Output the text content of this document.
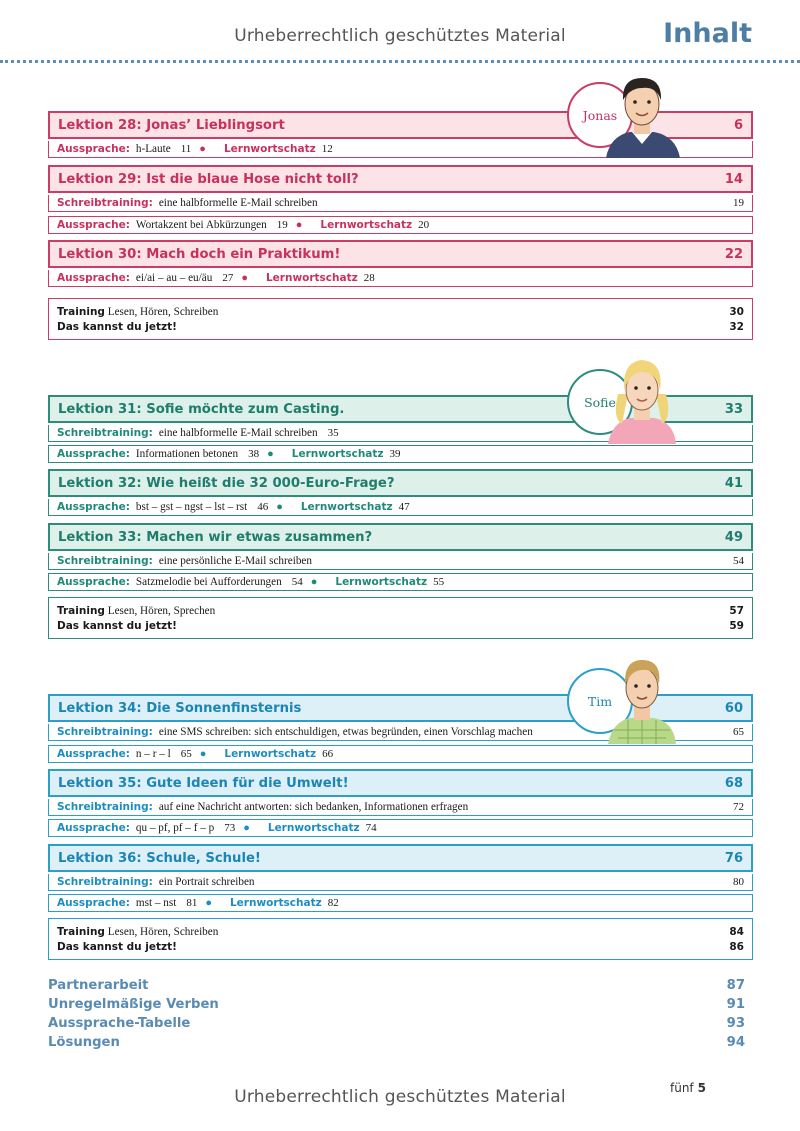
Urheberrechtlich geschütztes Material	Inhalt
Lektion 28: Jonas’ Lieblingsort	6
Aussprache: h-Laute 11 ● Lernwortschatz 12
Lektion 29: Ist die blaue Hose nicht toll?	14
Schreibtraining: eine halbformelle E-Mail schreiben	19
Aussprache: Wortakzent bei Abkürzungen 19 ● Lernwortschatz 20
Lektion 30: Mach doch ein Praktikum!	22
Aussprache: ei/ai – au – eu/äu 27 ● Lernwortschatz 28
Training Lesen, Hören, Schreiben	30
Das kannst du jetzt!	32
Jonas
Lektion 31: Sofie möchte zum Casting.	33
Schreibtraining: eine halbformelle E-Mail schreiben 35
Aussprache: Informationen betonen 38 ● Lernwortschatz 39
Lektion 32: Wie heißt die 32 000-Euro-Frage?	41
Aussprache: bst – gst – ngst – lst – rst 46 ● Lernwortschatz 47
Lektion 33: Machen wir etwas zusammen?	49
Schreibtraining: eine persönliche E-Mail schreiben	54
Aussprache: Satzmelodie bei Aufforderungen 54 ● Lernwortschatz 55
Training Lesen, Hören, Sprechen	57
Das kannst du jetzt!	59
Sofie
Lektion 34: Die Sonnenfinsternis	60
Schreibtraining: eine SMS schreiben: sich entschuldigen, etwas begründen, einen Vorschlag machen	65
Aussprache: n – r – l 65 ● Lernwortschatz 66
Lektion 35: Gute Ideen für die Umwelt!	68
Schreibtraining: auf eine Nachricht antworten: sich bedanken, Informationen erfragen	72
Aussprache: qu – pf, pf – f – p 73 ● Lernwortschatz 74
Lektion 36: Schule, Schule!	76
Schreibtraining: ein Portrait schreiben	80
Aussprache: mst – nst 81 ● Lernwortschatz 82
Training Lesen, Hören, Schreiben	84
Das kannst du jetzt!	86
Tim
Partnerarbeit	87
Unregelmäßige Verben	91
Aussprache-Tabelle	93
Lösungen	94
fünf 5
Urheberrechtlich geschütztes Material
